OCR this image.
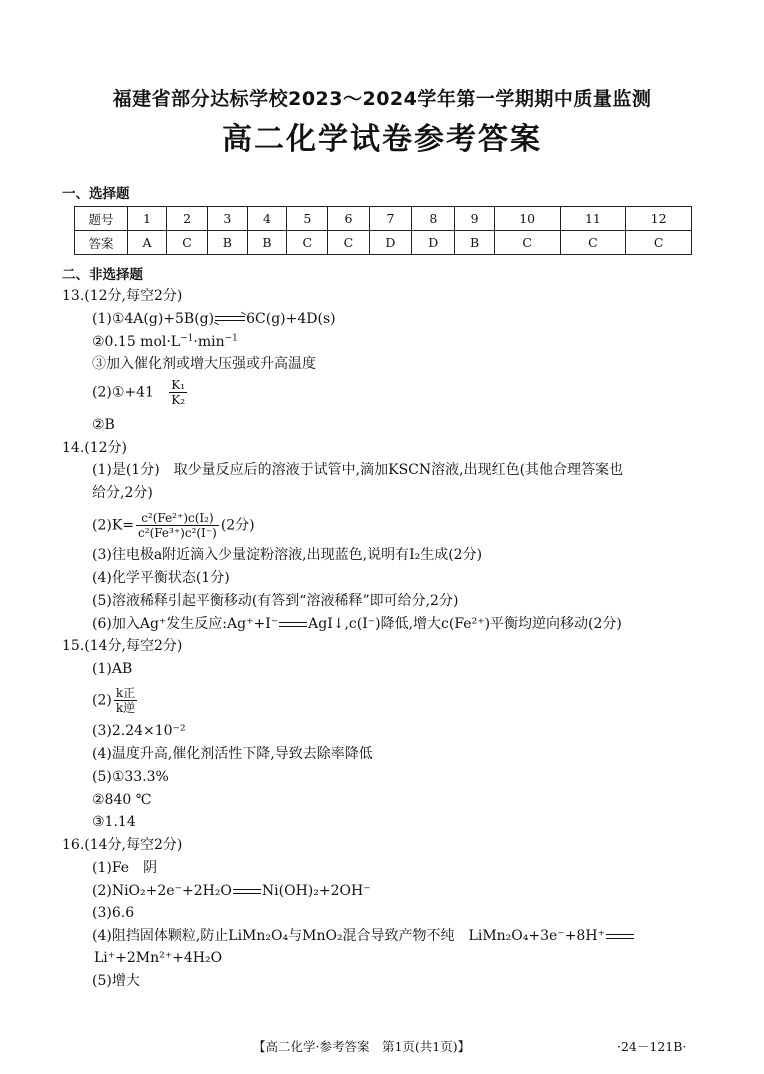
福建省部分达标学校2023～2024学年第一学期期中质量监测
高二化学试卷参考答案
一、选择题
题号	1	2	3	4	5	6	7	8	9	10	11	12
答案	A	C	B	B	C	C	D	D	B	C	C	C
二、非选择题
13.(12分,每空2分)
(1)①4A(g)+5B(g)⇌6C(g)+4D(s)
②0.15 $mol\cdot L^{-1}\cdot\min^{-1}$
③加入催化剂或增大压强或升高温度
(2)①+41 $\frac{\text{K₁}}{\text{K₂}}$
②B
14.(12分)
(1)是(1分)　取少量反应后的溶液于试管中,滴加KSCN溶液,出现红色(其他合理答案也
给分,2分)
$(2)K= \frac{\text{c²(Fe²⁺)c(I₂)}}{\text{c²(Fe³⁺)c²(I⁻)}} (2$分)
(3)往电极a附近滴入少量淀粉溶液,出现蓝色,说明有I₂生成(2分)
(4)化学平衡状态(1分)
(5)溶液稀释引起平衡移动(有答到“溶液稀释”即可给分,2分)
(6)加入Ag⁺发生反应:Ag⁺+I⁻ AgI↓,c(I⁻)降低,增大c(Fe²⁺)平衡均逆向移动(2分)
15.(14分,每空2分)
(1)AB
$(2) \frac{\text{k正}}{\text{k逆}}$
(3)2.24×10⁻²
(4)温度升高,催化剂活性下降,导致去除率降低
(5)①33.3%
②840 ℃
③1.14
16.(14分,每空2分)
(1)Fe　阴
(2)NiO₂+2e⁻+2H₂O Ni(OH)₂+2OH⁻
(3)6.6
(4)阻挡固体颗粒,防止LiMn₂O₄与MnO₂混合导致产物不纯　LiMn₂O₄+3e⁻+8H⁺
Li⁺+2Mn²⁺+4H₂O
(5)增大
【高二化学·参考答案　第1页(共1页)】	·24－121B·
